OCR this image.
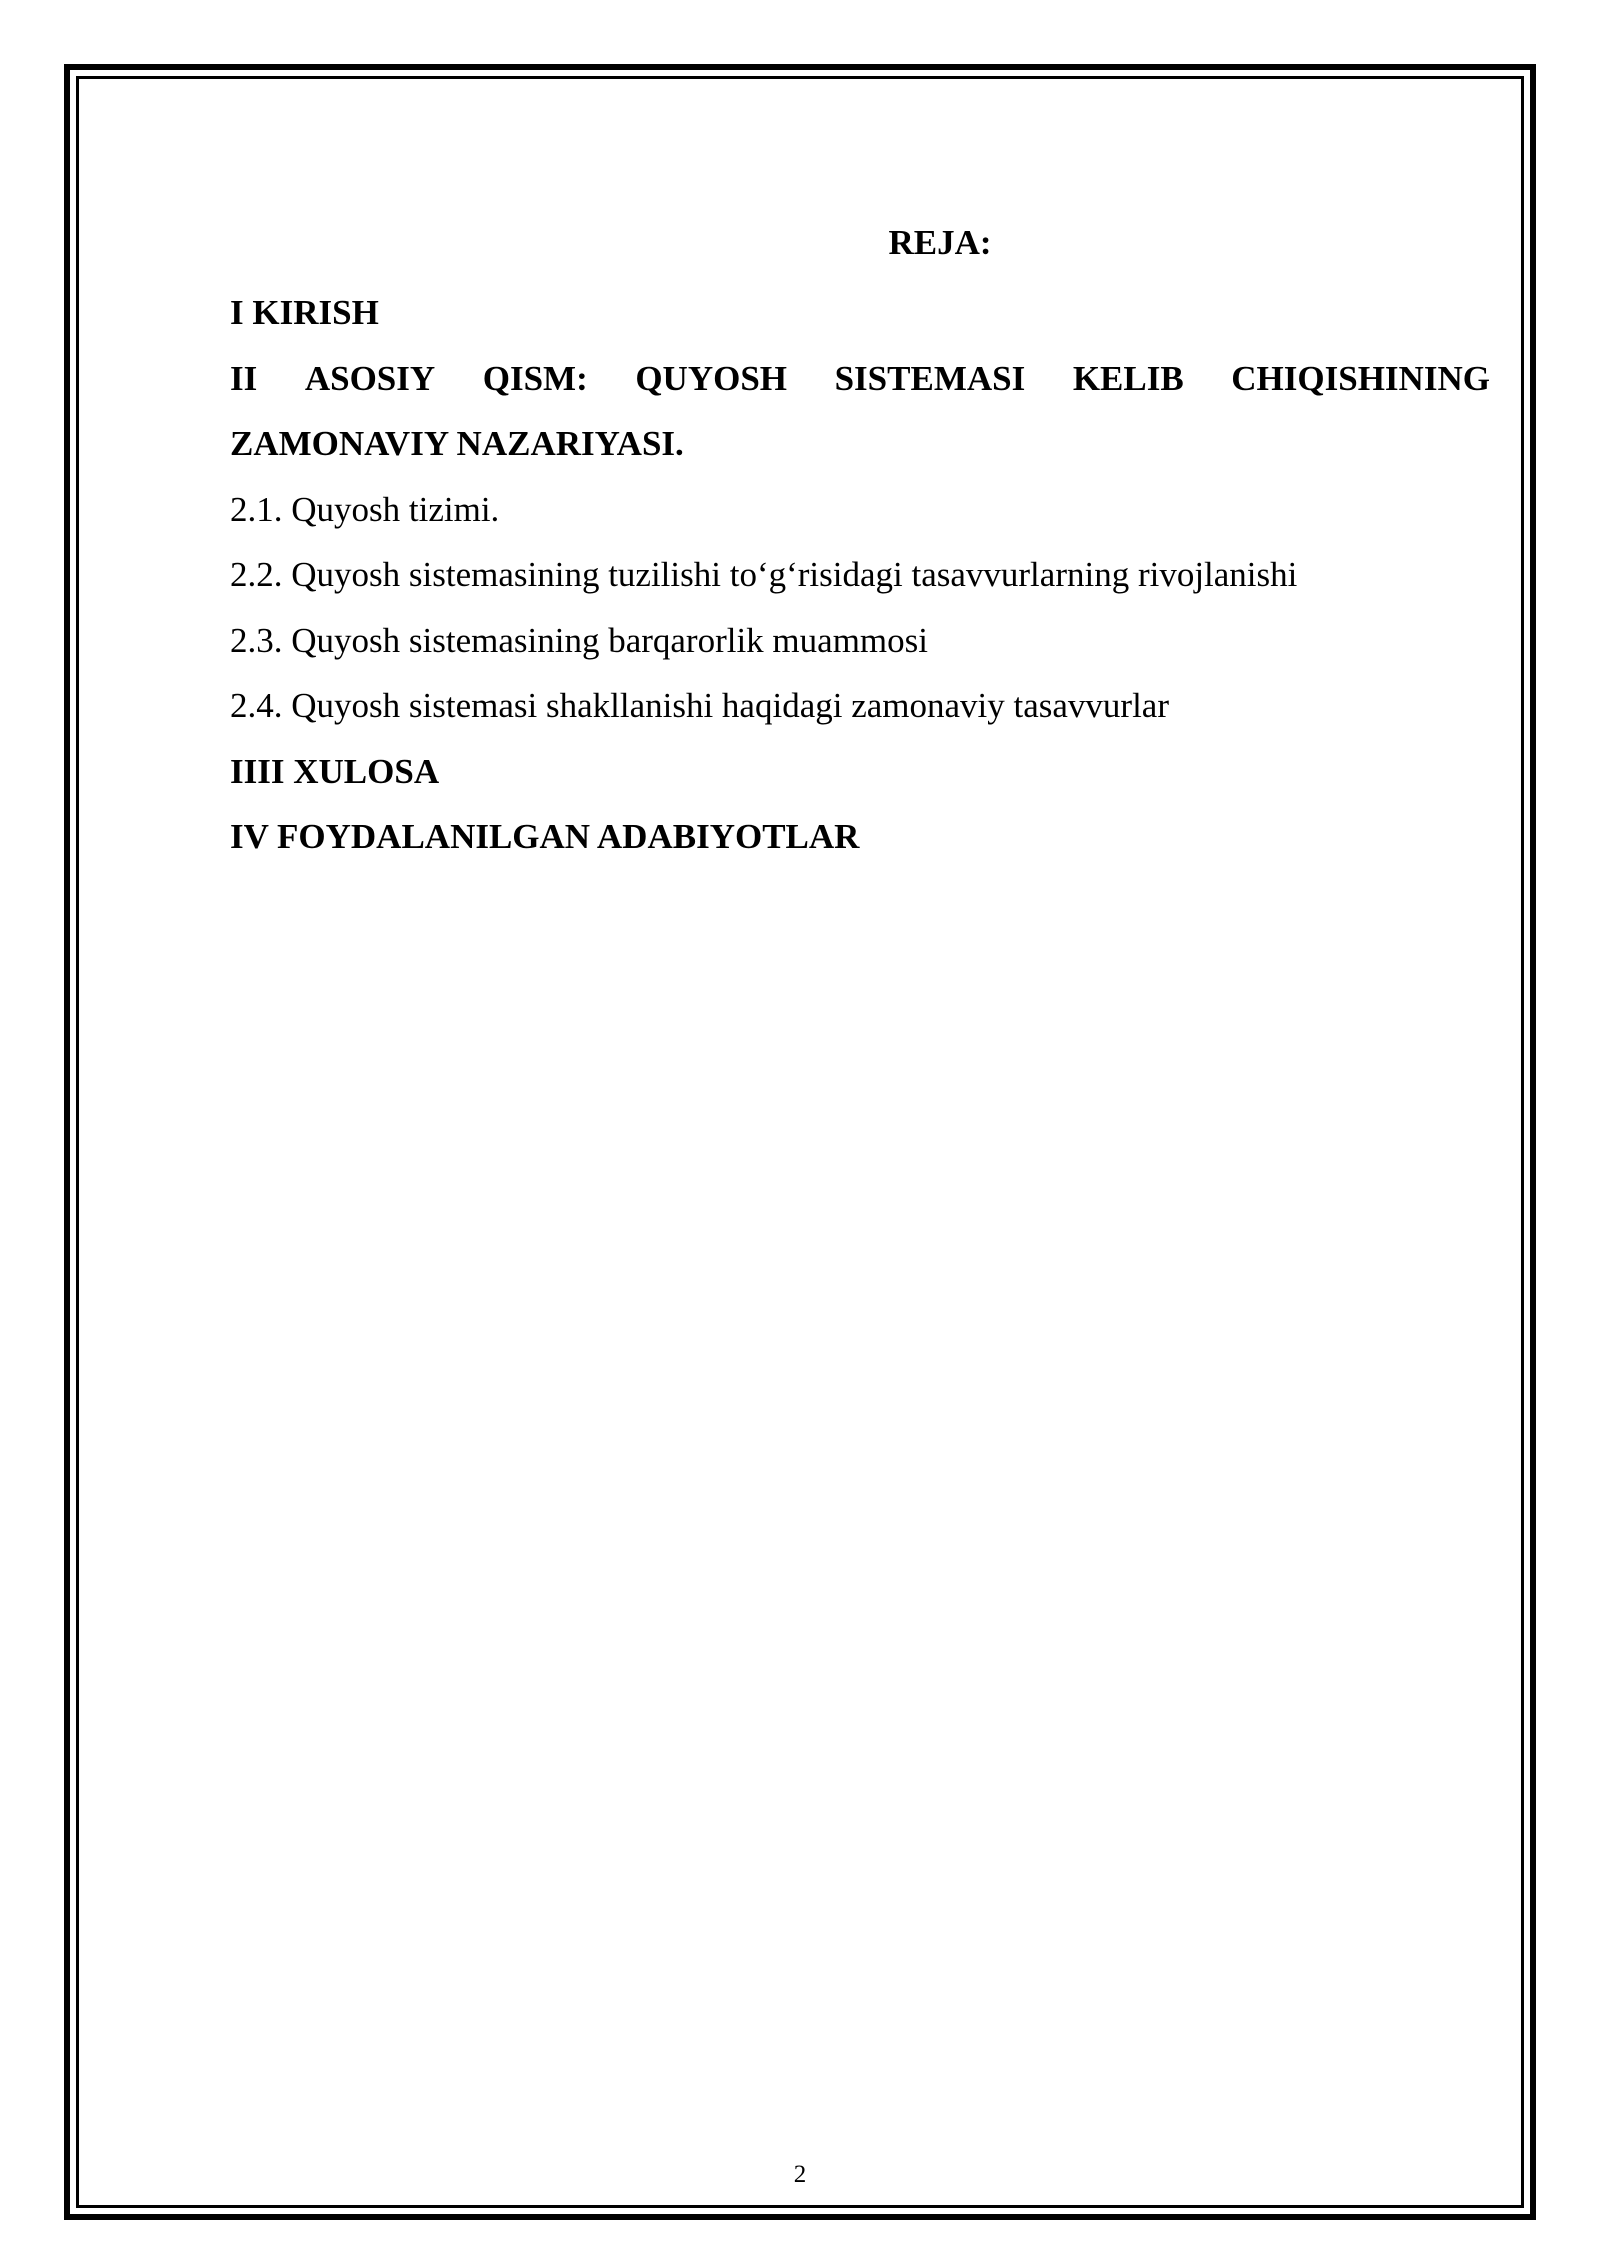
REJA:
I KIRISH
II ASOSIY QISM: QUYOSH SISTEMASI KELIB CHIQISHINING
ZAMONAVIY NAZARIYASI.
2.1. Quyosh tizimi.
2.2. Quyosh sistemasining tuzilishi to‘g‘risidagi tasavvurlarning rivojlanishi
2.3. Quyosh sistemasining barqarorlik muammosi
2.4. Quyosh sistemasi shakllanishi haqidagi zamonaviy tasavvurlar
IIII XULOSA
IV FOYDALANILGAN ADABIYOTLAR
2
